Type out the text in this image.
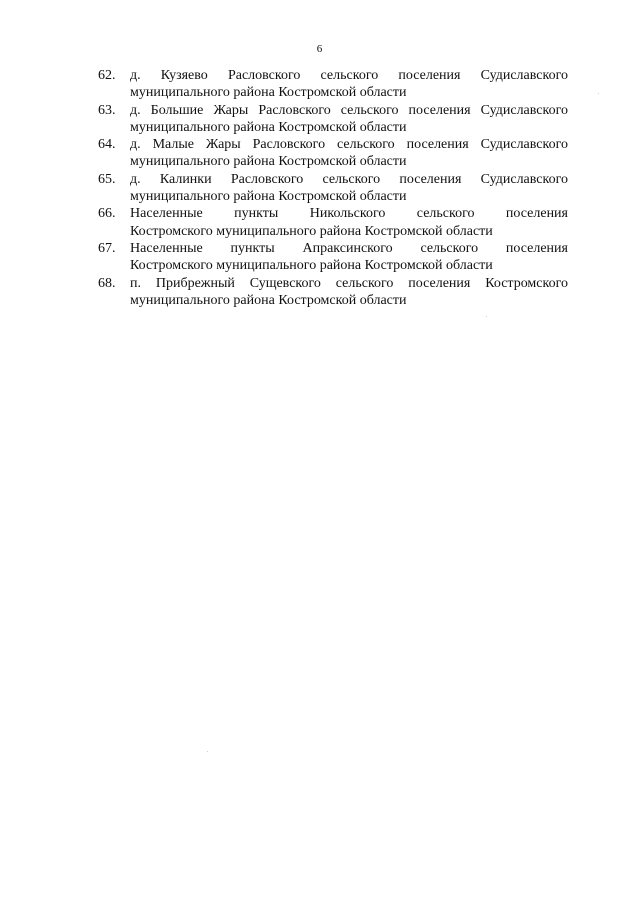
6
62.	д. Кузяево Расловского сельского поселения Судиславского
муниципального района Костромской области
63.	д. Большие Жары Расловского сельского поселения Судиславского
муниципального района Костромской области
64.	д. Малые Жары Расловского сельского поселения Судиславского
муниципального района Костромской области
65.	д. Калинки Расловского сельского поселения Судиславского
муниципального района Костромской области
66.	Населенные пункты Никольского сельского поселения
Костромского муниципального района Костромской области
67.	Населенные пункты Апраксинского сельского поселения
Костромского муниципального района Костромской области
68.	п. Прибрежный Сущевского сельского поселения Костромского
муниципального района Костромской области
